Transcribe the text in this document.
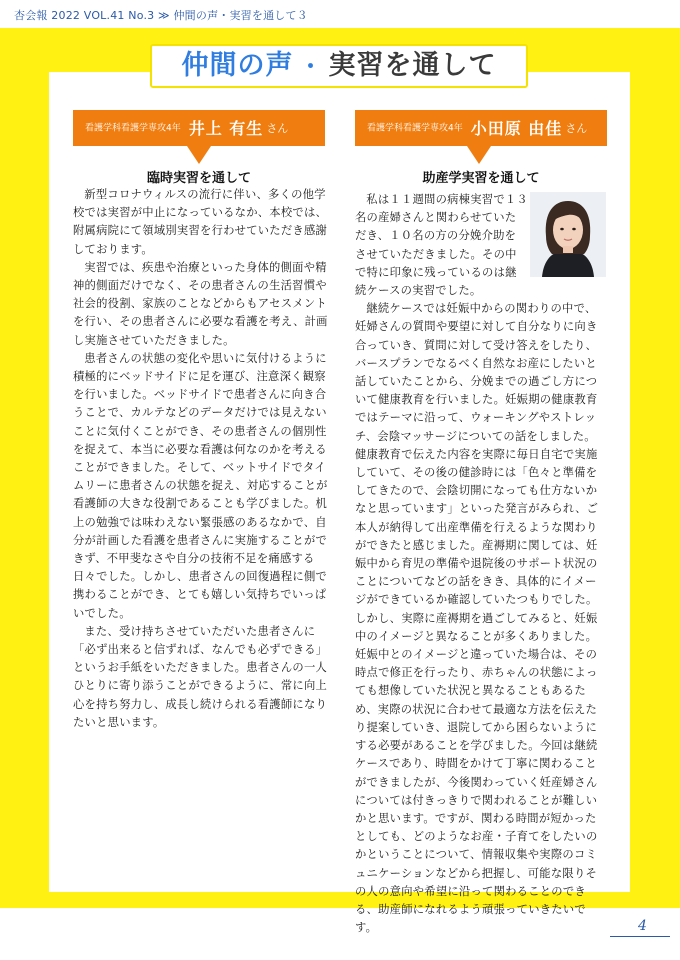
杏会報 2022 VOL.41 No.3 ≫ 仲間の声・実習を通して３
仲間の声 ・ 実習を通して
看護学科看護学専攻4年 井上 有生 さん
臨時実習を通して

新型コロナウィルスの流行に伴い、多くの他学校では実習が中止になっているなか、本校では、附属病院にて領域別実習を行わせていただき感謝しております。

実習では、疾患や治療といった身体的側面や精神的側面だけでなく、その患者さんの生活習慣や社会的役割、家族のことなどからもアセスメントを行い、その患者さんに必要な看護を考え、計画し実施させていただきました。

患者さんの状態の変化や思いに気付けるように積極的にベッドサイドに足を運び、注意深く観察を行いました。ベッドサイドで患者さんに向き合うことで、カルテなどのデータだけでは見えないことに気付くことができ、その患者さんの個別性を捉えて、本当に必要な看護は何なのかを考えることができました。そして、ベットサイドでタイムリーに患者さんの状態を捉え、対応することが看護師の大きな役割であることも学びました。机上の勉強では味わえない緊張感のあるなかで、自分が計画した看護を患者さんに実施することができず、不甲斐なさや自分の技術不足を痛感する日々でした。しかし、患者さんの回復過程に側で携わることができ、とても嬉しい気持ちでいっぱいでした。

また、受け持ちさせていただいた患者さんに「必ず出来ると信ずれば、なんでも必ずできる」というお手紙をいただきました。患者さんの一人ひとりに寄り添うことができるように、常に向上心を持ち努力し、成長し続けられる看護師になりたいと思います。

看護学科看護学専攻4年 小田原 由佳 さん
助産学実習を通して
私は１１週間の病棟実習で１３
名の産婦さんと関わらせていた
だき、１０名の方の分娩介助を
させていただきました。その中
で特に印象に残っているのは継
続ケースの実習でした。

継続ケースでは妊娠中からの関わりの中で、妊婦さんの質問や要望に対して自分なりに向き合っていき、質問に対して受け答えをしたり、バースプランでなるべく自然なお産にしたいと話していたことから、分娩までの過ごし方について健康教育を行いました。妊娠期の健康教育ではテーマに沿って、ウォーキングやストレッチ、会陰マッサージについての話をしました。健康教育で伝えた内容を実際に毎日自宅で実施していて、その後の健診時には「色々と準備をしてきたので、会陰切開になっても仕方ないかなと思っています」といった発言がみられ、ご本人が納得して出産準備を行えるような関わりができたと感じました。産褥期に関しては、妊娠中から育児の準備や退院後のサポート状況のことについてなどの話をきき、具体的にイメージができているか確認していたつもりでした。しかし、実際に産褥期を過ごしてみると、妊娠中のイメージと異なることが多くありました。妊娠中とのイメージと違っていた場合は、その時点で修正を行ったり、赤ちゃんの状態によっても想像していた状況と異なることもあるため、実際の状況に合わせて最適な方法を伝えたり提案していき、退院してから困らないようにする必要があることを学びました。今回は継続ケースであり、時間をかけて丁寧に関わることができましたが、今後関わっていく妊産婦さんについては付きっきりで関われることが難しいかと思います。ですが、関わる時間が短かったとしても、どのようなお産・子育てをしたいのかということについて、情報収集や実際のコミュニケーションなどから把握し、可能な限りその人の意向や希望に沿って関わることのできる、助産師になれるよう頑張っていきたいです。	4
